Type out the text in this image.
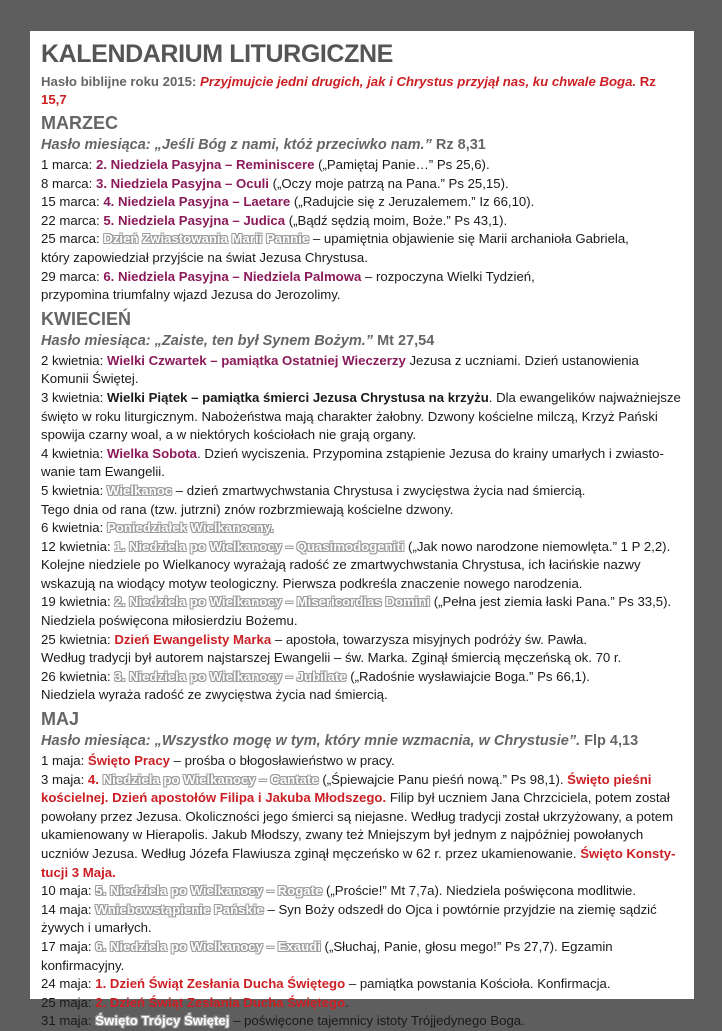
KALENDARIUM LITURGICZNE
Hasło biblijne roku 2015: Przyjmujcie jedni drugich, jak i Chrystus przyjął nas, ku chwale Boga. Rz 15,7
MARZEC
Hasło miesiąca: „Jeśli Bóg z nami, któż przeciwko nam.” Rz 8,31

1 marca: 2. Niedziela Pasyjna – Reminiscere („Pamiętaj Panie…” Ps 25,6).

8 marca: 3. Niedziela Pasyjna – Oculi („Oczy moje patrzą na Pana.” Ps 25,15).

15 marca: 4. Niedziela Pasyjna – Laetare („Radujcie się z Jeruzalemem.” Iz 66,10).

22 marca: 5. Niedziela Pasyjna – Judica („Bądź sędzią moim, Boże.” Ps 43,1).

25 marca: Dzień Zwiastowania Marii Pannie – upamiętnia objawienie się Marii archanioła Gabriela,
który zapowiedział przyjście na świat Jezusa Chrystusa.

29 marca: 6. Niedziela Pasyjna – Niedziela Palmowa – rozpoczyna Wielki Tydzień,
przypomina triumfalny wjazd Jezusa do Jerozolimy.

KWIECIEŃ
Hasło miesiąca: „Zaiste, ten był Synem Bożym.” Mt 27,54

2 kwietnia: Wielki Czwartek – pamiątka Ostatniej Wieczerzy Jezusa z uczniami. Dzień ustanowienia
Komunii Świętej.

3 kwietnia: Wielki Piątek – pamiątka śmierci Jezusa Chrystusa na krzyżu. Dla ewangelików najważniejsze
święto w roku liturgicznym. Nabożeństwa mają charakter żałobny. Dzwony kościelne milczą, Krzyż Pański
spowija czarny woal, a w niektórych kościołach nie grają organy.

4 kwietnia: Wielka Sobota. Dzień wyciszenia. Przypomina zstąpienie Jezusa do krainy umarłych i zwiasto-
wanie tam Ewangelii.

5 kwietnia: Wielkanoc – dzień zmartwychwstania Chrystusa i zwycięstwa życia nad śmiercią.
Tego dnia od rana (tzw. jutrzni) znów rozbrzmiewają kościelne dzwony.

6 kwietnia: Poniedziałek Wielkanocny.

12 kwietnia: 1. Niedziela po Wielkanocy – Quasimodogeniti („Jak nowo narodzone niemowlęta.” 1 P 2,2).
Kolejne niedziele po Wielkanocy wyrażają radość ze zmartwychwstania Chrystusa, ich łacińskie nazwy
wskazują na wiodący motyw teologiczny. Pierwsza podkreśla znaczenie nowego narodzenia.

19 kwietnia: 2. Niedziela po Wielkanocy – Misericordias Domini („Pełna jest ziemia łaski Pana.” Ps 33,5).
Niedziela poświęcona miłosierdziu Bożemu.

25 kwietnia: Dzień Ewangelisty Marka – apostoła, towarzysza misyjnych podróży św. Pawła.
Według tradycji był autorem najstarszej Ewangelii – św. Marka. Zginął śmiercią męczeńską ok. 70 r.

26 kwietnia: 3. Niedziela po Wielkanocy – Jubilate („Radośnie wysławiajcie Boga.” Ps 66,1).
Niedziela wyraża radość ze zwycięstwa życia nad śmiercią.

MAJ
Hasło miesiąca: „Wszystko mogę w tym, który mnie wzmacnia, w Chrystusie”. Flp 4,13

1 maja: Święto Pracy – prośba o błogosławieństwo w pracy.

3 maja: 4. Niedziela po Wielkanocy – Cantate („Śpiewajcie Panu pieśń nową.” Ps 98,1). Święto pieśni
kościelnej. Dzień apostołów Filipa i Jakuba Młodszego. Filip był uczniem Jana Chrzciciela, potem został
powołany przez Jezusa. Okoliczności jego śmierci są niejasne. Według tradycji został ukrzyżowany, a potem
ukamienowany w Hierapolis. Jakub Młodszy, zwany też Mniejszym był jednym z najpóźniej powołanych
uczniów Jezusa. Według Józefa Flawiusza zginął męczeńsko w 62 r. przez ukamienowanie. Święto Konsty-
tucji 3 Maja.

10 maja: 5. Niedziela po Wielkanocy – Rogate („Proście!” Mt 7,7a). Niedziela poświęcona modlitwie.

14 maja: Wniebowstąpienie Pańskie – Syn Boży odszedł do Ojca i powtórnie przyjdzie na ziemię sądzić
żywych i umarłych.

17 maja: 6. Niedziela po Wielkanocy – Exaudi („Słuchaj, Panie, głosu mego!” Ps 27,7). Egzamin konfirmacyjny.

24 maja: 1. Dzień Świąt Zesłania Ducha Świętego – pamiątka powstania Kościoła. Konfirmacja.

25 maja: 2. Dzień Świąt Zesłania Ducha Świętego.

31 maja: Święto Trójcy Świętej – poświęcone tajemnicy istoty Trójjedynego Boga.
